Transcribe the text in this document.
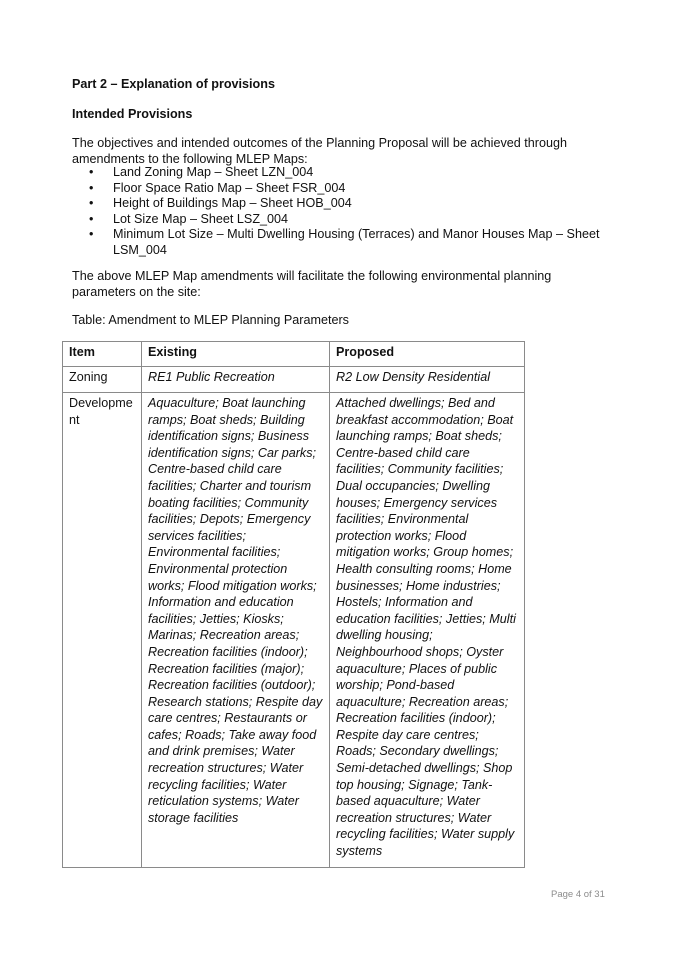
Part 2 – Explanation of provisions

Intended Provisions

The objectives and intended outcomes of the Planning Proposal will be achieved through amendments to the following MLEP Maps:

• Land Zoning Map – Sheet LZN_004
• Floor Space Ratio Map – Sheet FSR_004
• Height of Buildings Map – Sheet HOB_004
• Lot Size Map – Sheet LSZ_004
• Minimum Lot Size – Multi Dwelling Housing (Terraces) and Manor Houses Map – Sheet LSM_004

The above MLEP Map amendments will facilitate the following environmental planning parameters on the site:

Table: Amendment to MLEP Planning Parameters

Item	Existing	Proposed
Zoning	RE1 Public Recreation	R2 Low Density Residential
Development	Aquaculture; Boat launching ramps; Boat sheds; Building identification signs; Business identification signs; Car parks; Centre-based child care facilities; Charter and tourism boating facilities; Community facilities; Depots; Emergency services facilities; Environmental facilities; Environmental protection works; Flood mitigation works; Information and education facilities; Jetties; Kiosks; Marinas; Recreation areas; Recreation facilities (indoor); Recreation facilities (major); Recreation facilities (outdoor); Research stations; Respite day care centres; Restaurants or cafes; Roads; Take away food and drink premises; Water recreation structures; Water recycling facilities; Water reticulation systems; Water storage facilities	Attached dwellings; Bed and breakfast accommodation; Boat launching ramps; Boat sheds; Centre-based child care facilities; Community facilities; Dual occupancies; Dwelling houses; Emergency services facilities; Environmental protection works; Flood mitigation works; Group homes; Health consulting rooms; Home businesses; Home industries; Hostels; Information and education facilities; Jetties; Multi dwelling housing; Neighbourhood shops; Oyster aquaculture; Places of public worship; Pond-based aquaculture; Recreation areas; Recreation facilities (indoor); Respite day care centres; Roads; Secondary dwellings; Semi-detached dwellings; Shop top housing; Signage; Tank-based aquaculture; Water recreation structures; Water recycling facilities; Water supply systems

Page 4 of 31
